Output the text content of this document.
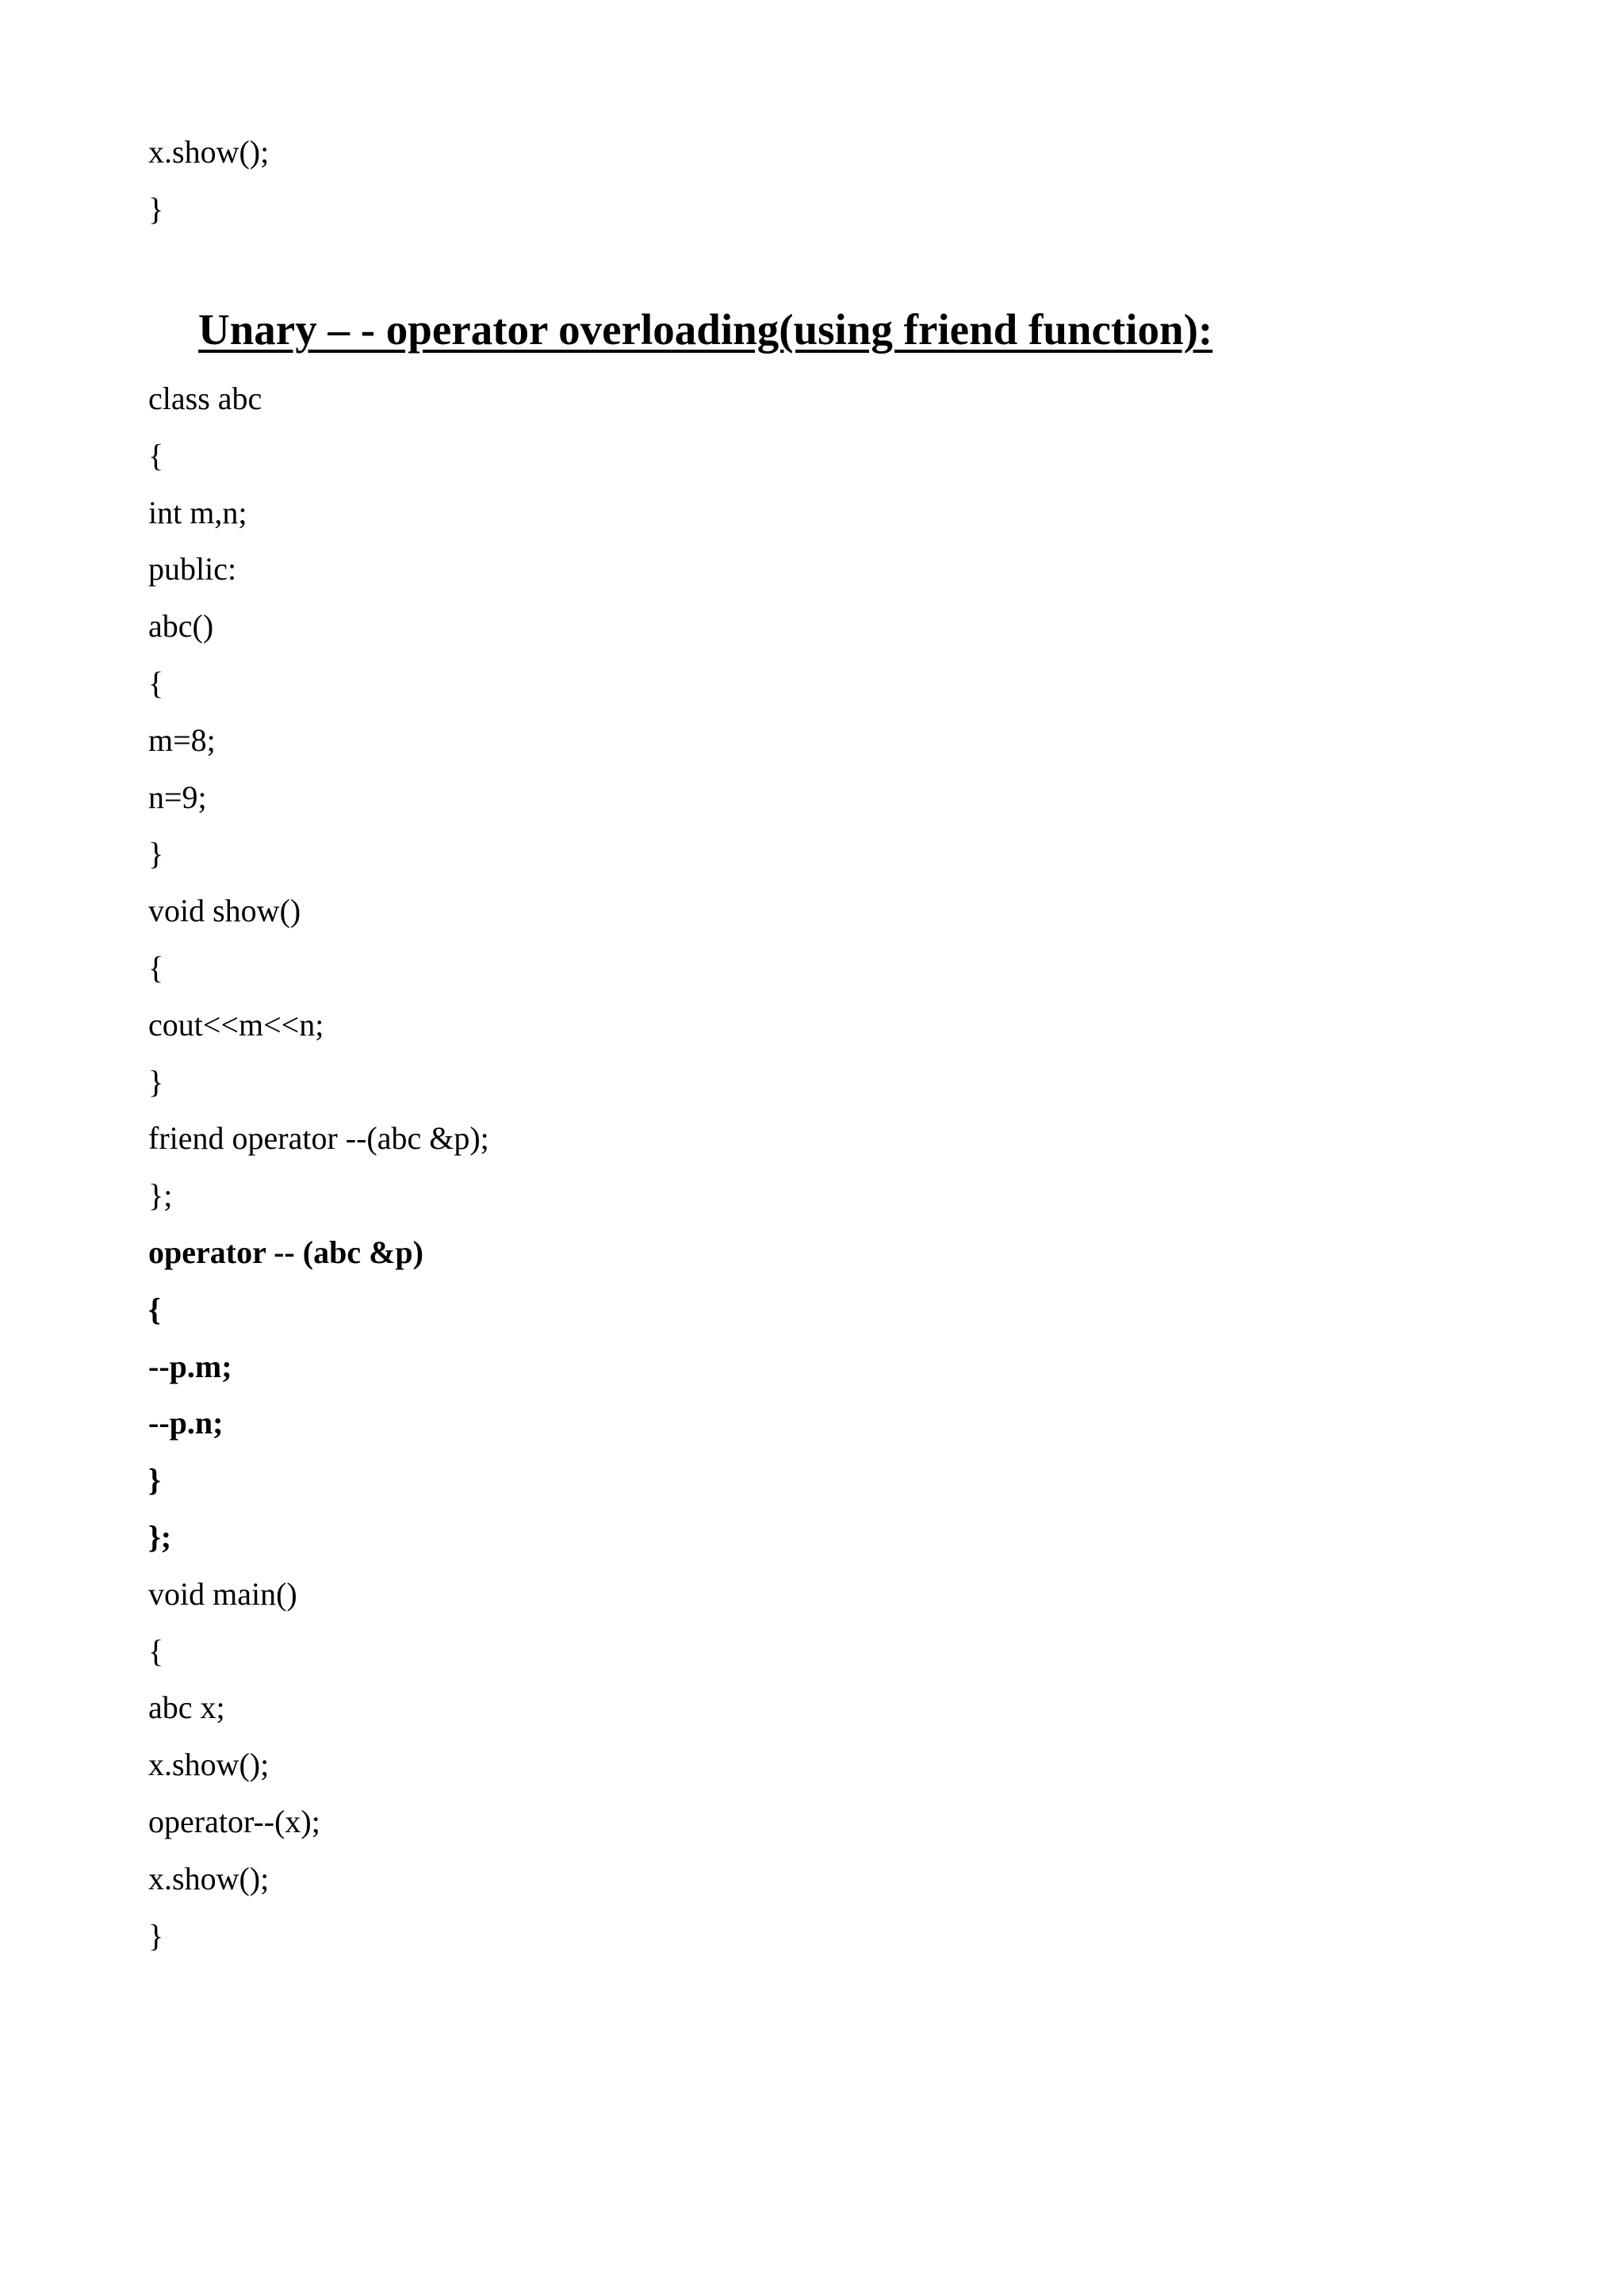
x.show();
}
Unary – - operator overloading(using friend function):
class abc
{
int m,n;
public:
abc()
{
m=8;
n=9;
}
void show()
{
cout<<m<<n;
}
friend operator --(abc &p);
};
operator -- (abc &p)
{
--p.m;
--p.n;
}
};
void main()
{
abc x;
x.show();
operator--(x);
x.show();
}
